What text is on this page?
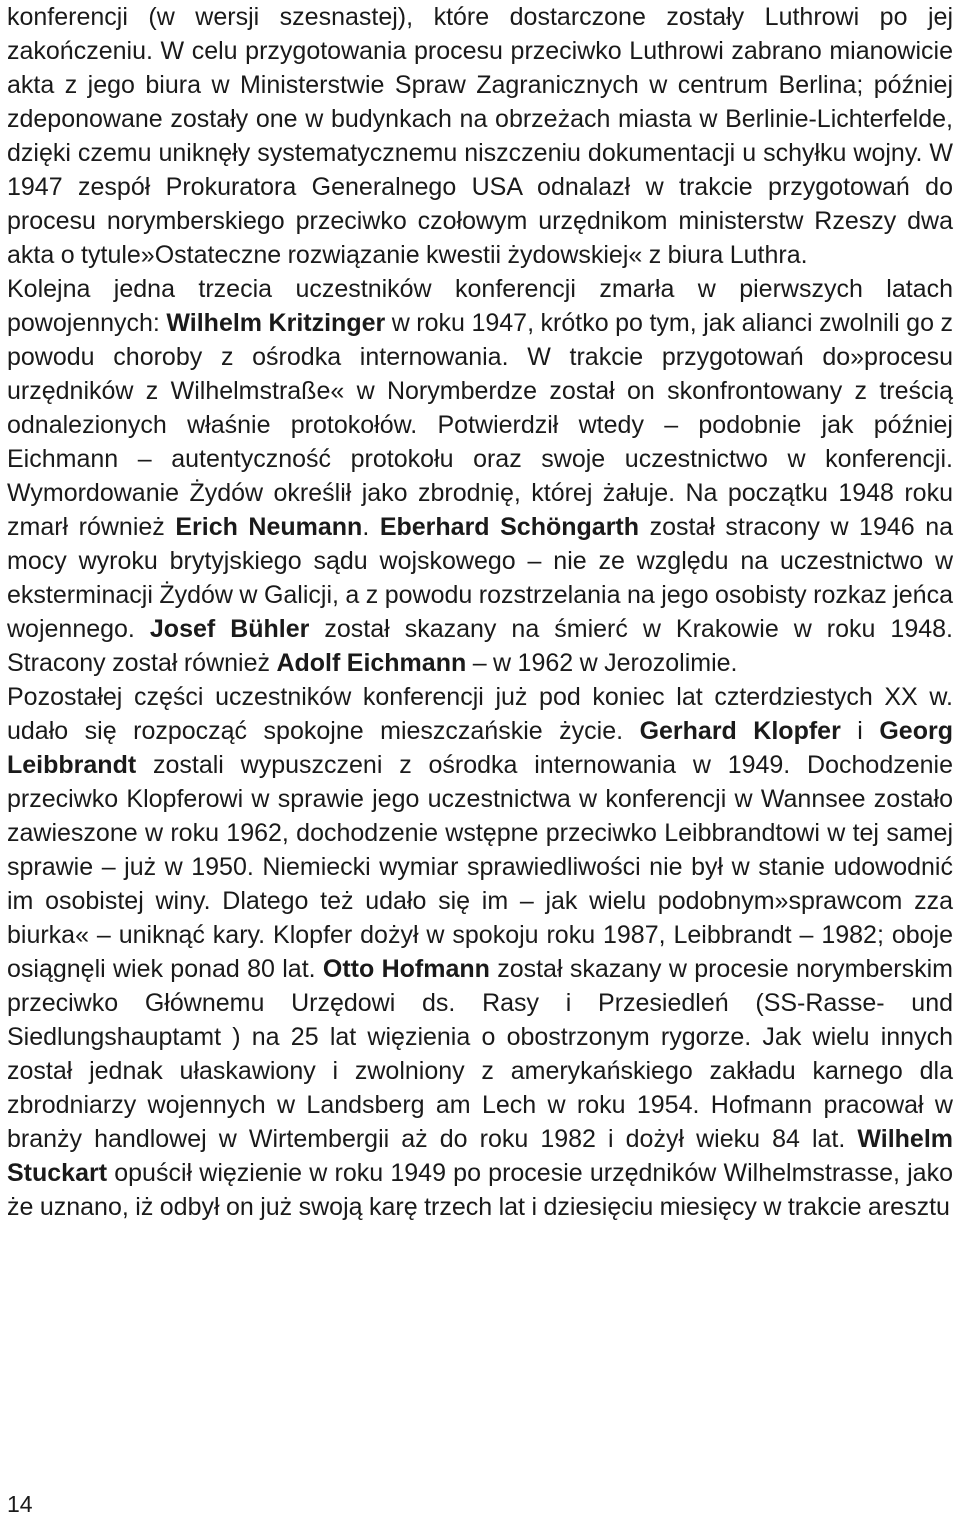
konferencji (w wersji szesnastej), które dostarczone zostały Luthrowi po jej zakończeniu. W celu przygotowania procesu przeciwko Luthrowi zabrano mianowicie akta z jego biura w Ministerstwie Spraw Zagranicznych w centrum Berlina; później zdeponowane zostały one w budynkach na obrzeżach miasta w Berlinie-Lichterfelde, dzięki czemu uniknęły systematycznemu niszczeniu dokumentacji u schyłku wojny. W 1947 zespół Prokuratora Generalnego USA odnalazł w trakcie przygotowań do procesu norymberskiego przeciwko czołowym urzędnikom ministerstw Rzeszy dwa akta o tytule»Ostateczne rozwiązanie kwestii żydowskiej« z biura Luthra.

Kolejna jedna trzecia uczestników konferencji zmarła w pierwszych latach powojennych: Wilhelm Kritzinger w roku 1947, krótko po tym, jak alianci zwolnili go z powodu choroby z ośrodka internowania. W trakcie przygotowań do»procesu urzędników z Wilhelmstraße« w Norymberdze został on skonfrontowany z treścią odnalezionych właśnie protokołów. Potwierdził wtedy – podobnie jak później Eichmann – autentyczność protokołu oraz swoje uczestnictwo w konferencji. Wymordowanie Żydów określił jako zbrodnię, której żałuje. Na początku 1948 roku zmarł również Erich Neumann. Eberhard Schöngarth został stracony w 1946 na mocy wyroku brytyjskiego sądu wojskowego – nie ze względu na uczestnictwo w eksterminacji Żydów w Galicji, a z powodu rozstrzelania na jego osobisty rozkaz jeńca wojennego. Josef Bühler został skazany na śmierć w Krakowie w roku 1948. Stracony został również Adolf Eichmann – w 1962 w Jerozolimie.

Pozostałej części uczestników konferencji już pod koniec lat czterdziestych XX w. udało się rozpocząć spokojne mieszczańskie życie. Gerhard Klopfer i Georg Leibbrandt zostali wypuszczeni z ośrodka internowania w 1949. Dochodzenie przeciwko Klopferowi w sprawie jego uczestnictwa w konferencji w Wannsee zostało zawieszone w roku 1962, dochodzenie wstępne przeciwko Leibbrandtowi w tej samej sprawie – już w 1950. Niemiecki wymiar sprawiedliwości nie był w stanie udowodnić im osobistej winy. Dlatego też udało się im – jak wielu podobnym»sprawcom zza biurka« – uniknąć kary. Klopfer dożył w spokoju roku 1987, Leibbrandt – 1982; oboje osiągnęli wiek ponad 80 lat. Otto Hofmann został skazany w procesie norymberskim przeciwko Głównemu Urzędowi ds. Rasy i Przesiedleń (SS-Rasse- und Siedlungshauptamt ) na 25 lat więzienia o obostrzonym rygorze. Jak wielu innych został jednak ułaskawiony i zwolniony z amerykańskiego zakładu karnego dla zbrodniarzy wojennych w Landsberg am Lech w roku 1954. Hofmann pracował w branży handlowej w Wirtembergii aż do roku 1982 i dożył wieku 84 lat. Wilhelm Stuckart opuścił więzienie w roku 1949 po procesie urzędników Wilhelmstrasse, jako że uznano, iż odbył on już swoją karę trzech lat i dziesięciu miesięcy w trakcie aresztu

14
